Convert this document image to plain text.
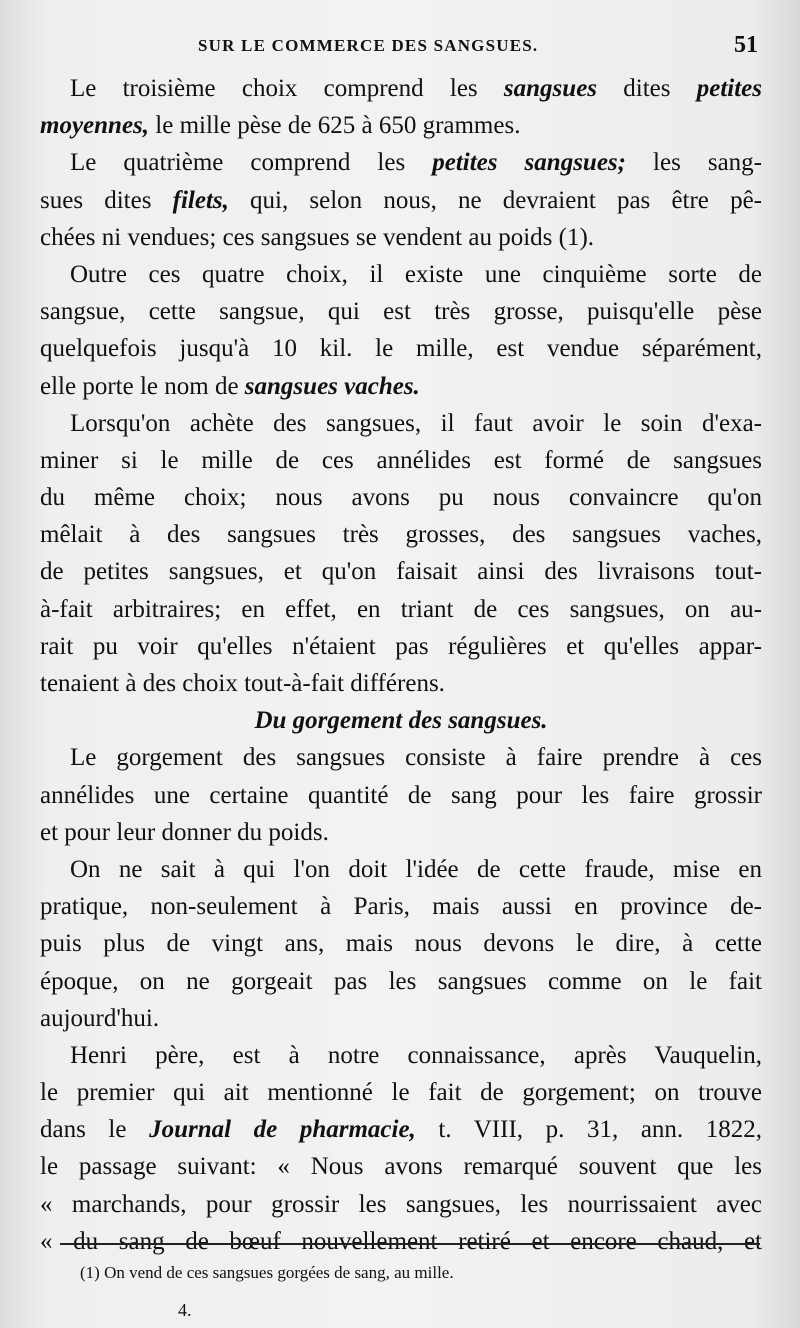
SUR LE COMMERCE DES SANGSUES.	51
Le troisième choix comprend les sangsues dites petites
moyennes, le mille pèse de 625 à 650 grammes.
Le quatrième comprend les petites sangsues; les sang-
sues dites filets, qui, selon nous, ne devraient pas être pê-
chées ni vendues; ces sangsues se vendent au poids (1).
Outre ces quatre choix, il existe une cinquième sorte de
sangsue, cette sangsue, qui est très grosse, puisqu'elle pèse
quelquefois jusqu'à 10 kil. le mille, est vendue séparément,
elle porte le nom de sangsues vaches.
Lorsqu'on achète des sangsues, il faut avoir le soin d'exa-
miner si le mille de ces annélides est formé de sangsues
du même choix; nous avons pu nous convaincre qu'on
mêlait à des sangsues très grosses, des sangsues vaches,
de petites sangsues, et qu'on faisait ainsi des livraisons tout-
à-fait arbitraires; en effet, en triant de ces sangsues, on au-
rait pu voir qu'elles n'étaient pas régulières et qu'elles appar-
tenaient à des choix tout-à-fait différens.
Du gorgement des sangsues.
Le gorgement des sangsues consiste à faire prendre à ces
annélides une certaine quantité de sang pour les faire grossir
et pour leur donner du poids.
On ne sait à qui l'on doit l'idée de cette fraude, mise en
pratique, non-seulement à Paris, mais aussi en province de-
puis plus de vingt ans, mais nous devons le dire, à cette
époque, on ne gorgeait pas les sangsues comme on le fait
aujourd'hui.
Henri père, est à notre connaissance, après Vauquelin,
le premier qui ait mentionné le fait de gorgement; on trouve
dans le Journal de pharmacie, t. VIII, p. 31, ann. 1822,
le passage suivant: « Nous avons remarqué souvent que les
« marchands, pour grossir les sangsues, les nourrissaient avec
« du sang de bœuf nouvellement retiré et encore chaud, et
(1) On vend de ces sangsues gorgées de sang, au mille.
4.
